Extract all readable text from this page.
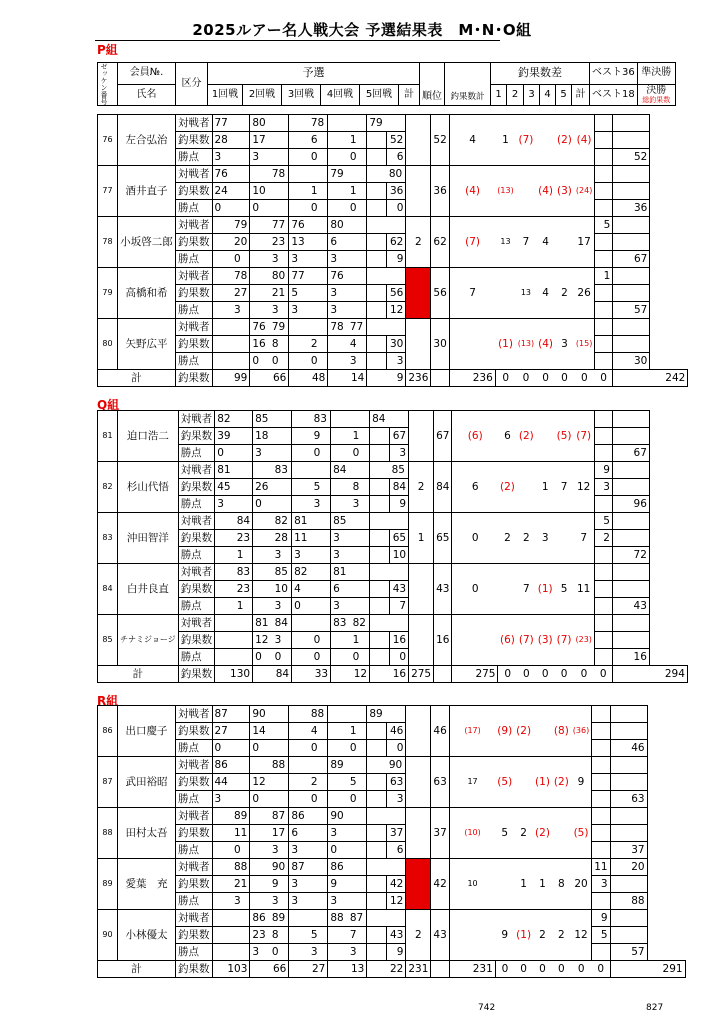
2025ルアー名人戦大会 予選結果表　M･N･O組
ゼッケン番号	会員№.	区分	予選						順位	釣果数計	釣果数差						ベスト36	準決勝
	氏名		1回戦	2回戦	3回戦	4回戦	5回戦	計			1	2	3	4	5	計	ベスト18	決勝
総釣果数
P組
76	左合弘治	対戦者	77		80			78			79			52	4	1	(7)		(2)	(4)		
		釣果数	28		17			6		1		52										
		勝点	3		3			0		0		6										52
77	酒井直子	対戦者	76			78			79			80		36	(4)	(13)		(4)	(3)	(24)		
		釣果数	24		10			1		1		36										
		勝点	0		0			0		0		0										36
78	小坂啓二郎	対戦者		79		77	76		80				2	62	(7)	13	7	4		17	5	
		釣果数		20		23	13		6			62										
		勝点		0		3	3		3			9										67
79	高橋和希	対戦者		78		80	77		76				1	56	7		13	4	2	26	1	
		釣果数		27		21	5		3			56										
		勝点		3		3	3		3			12										57
80	矢野広平	対戦者			76	79			78	77				30		(1)	(13)	(4)	3	(15)		
		釣果数			16	8		2		4		30										
		勝点			0	0		0		3		3										30
計		釣果数	99		66		48		14		9		236		236	0	0	0	0	0	0	242
Q組
81	迫口浩二	対戦者	82		85			83			84			67	(6)	6	(2)		(5)	(7)		
		釣果数	39		18			9		1		67										
		勝点	0		3			0		0		3										67
82	杉山代悟	対戦者	81			83			84			85	2	84	6	(2)		1	7	12	9	
		釣果数	45		26			5		8		84									3	
		勝点	3		0			3		3		9										96
83	沖田智洋	対戦者		84		82	81		85				1	65	0	2	2	3		7	5	
		釣果数		23		28	11		3			65									2	
		勝点		1		3	3		3			10										72
84	白井良直	対戦者		83		85	82		81					43	0		7	(1)	5	11		
		釣果数		23		10	4		6			43										
		勝点		1		3	0		3			7										43
85	チナミジョージ	対戦者			81	84			83	82				16		(6)	(7)	(3)	(7)	(23)		
		釣果数			12	3		0		1		16										
		勝点			0	0		0		0		0										16
計		釣果数	130		84		33		12		16		275		275	0	0	0	0	0	0	294
R組
86	出口慶子	対戦者	87		90			88			89			46	(17)	(9)	(2)		(8)	(36)		
		釣果数	27		14			4		1		46										
		勝点	0		0			0		0		0										46
87	武田裕昭	対戦者	86			88			89			90		63	17	(5)		(1)	(2)	9		
		釣果数	44		12			2		5		63										
		勝点	3		0			0		0		3										63
88	田村太吾	対戦者		89		87	86		90					37	(10)	5	2	(2)		(5)		
		釣果数		11		17	6		3			37										
		勝点		0		3	3		0			6										37
89	愛葉　充	対戦者		88		90	87		86				1	42	10		1	1	8	20	11	20
		釣果数		21		9	3		9			42									3	
		勝点		3		3	3		3			12										88
90	小林優太	対戦者			86	89			88	87			2	43		9	(1)	2	2	12	9	
		釣果数			23	8		5		7		43									5	
		勝点			3	0		3		3		9										57
計		釣果数	103		66		27		13		22		231		231	0	0	0	0	0	0	291
742	827
